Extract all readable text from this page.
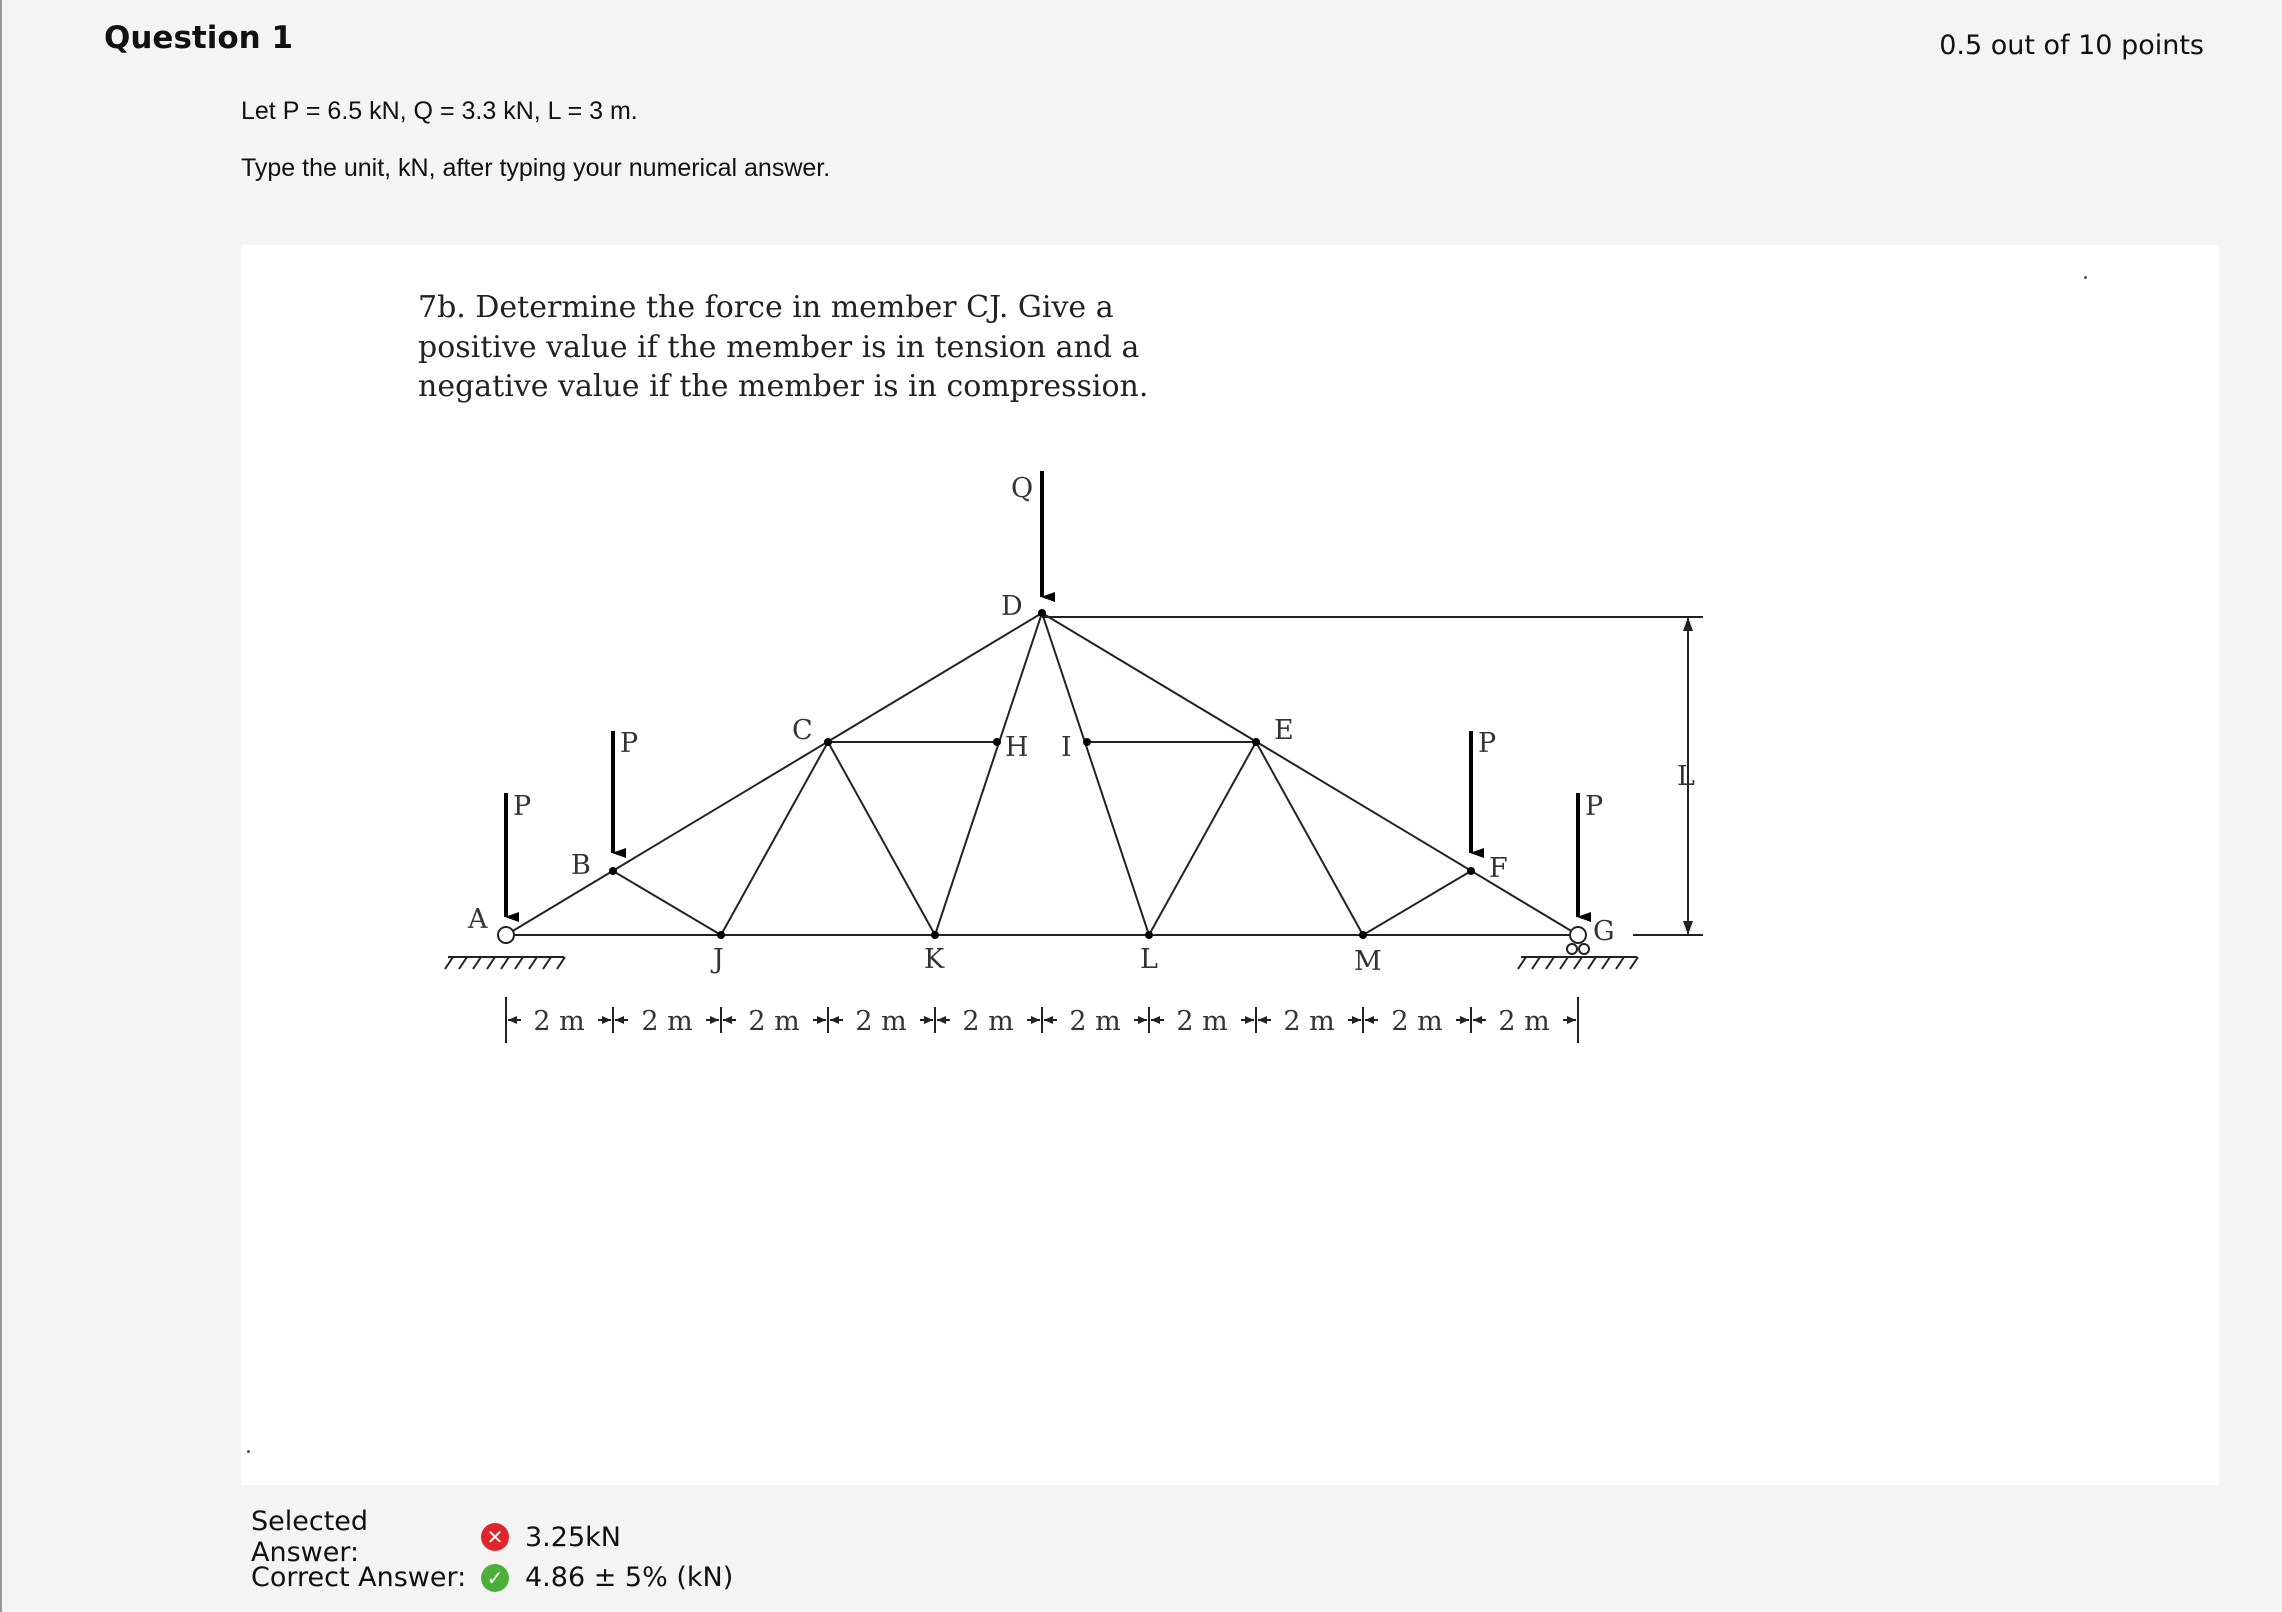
Question 1	0.5 out of 10 points
Let P = 6.5 kN, Q = 3.3 kN, L = 3 m.
Type the unit, kN, after typing your numerical answer.
7b. Determine the force in member CJ. Give a
positive value if the member is in tension and a
negative value if the member is in compression.
P
P
Q
P
P
A
B
C
D
E
F
G
H I
J	K	L	M
L
2 m 2 m 2 m 2 m 2 m 2 m 2 m 2 m 2 m 2 m
Selected Answer:	✕ 3.25kN
Correct Answer:	✓ 4.86 ± 5% (kN)
